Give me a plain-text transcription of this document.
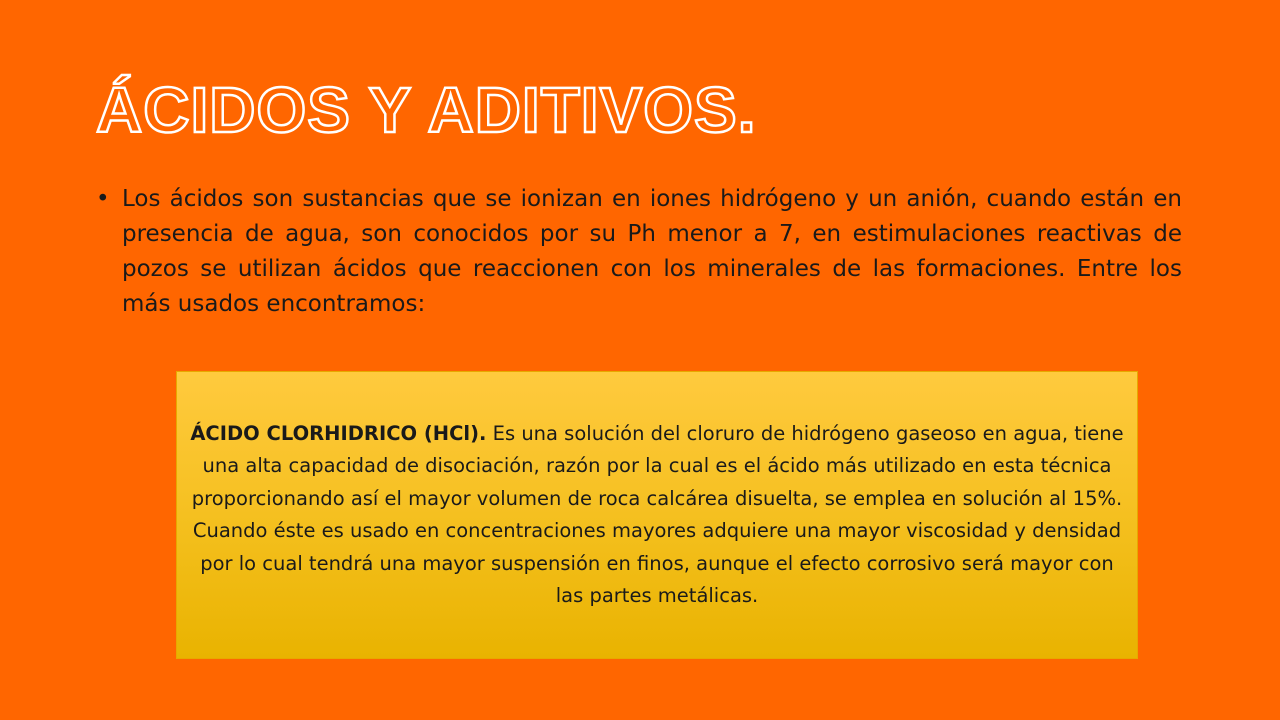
ÁCIDOS Y ADITIVOS.
• Los ácidos son sustancias que se ionizan en iones hidrógeno y un anión, cuando están en presencia de agua, son conocidos por su Ph menor a 7, en estimulaciones reactivas de pozos se utilizan ácidos que reaccionen con los minerales de las formaciones. Entre los más usados encontramos:

ÁCIDO CLORHIDRICO (HCl). Es una solución del cloruro de hidrógeno gaseoso en agua, tiene una alta capacidad de disociación, razón por la cual es el ácido más utilizado en esta técnica proporcionando así el mayor volumen de roca calcárea disuelta, se emplea en solución al 15%. Cuando éste es usado en concentraciones mayores adquiere una mayor viscosidad y densidad por lo cual tendrá una mayor suspensión en finos, aunque el efecto corrosivo será mayor con las partes metálicas.
